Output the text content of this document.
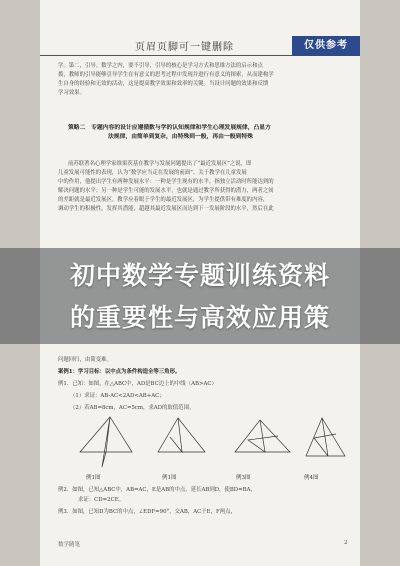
页眉页脚可一键删除	仅供参考
学。第二，引导。数学之内，要不引导，引导的核心是学习方式和思维方法的启示和点
拨，教师的引导能够引导学生在有意义的思考过程中发现并进行有意义的探索，从而建构学
生自身的经验和无效的活动，这是提高教学效果和效率的关键。当设计问题的效果和反馈
学习效果。
策略二　专题内容的设计应遵循数与学的认知规律和学生心理发展规律，凸显方
法规律，由简单到复杂，由特殊到一般，再由一般到特殊
前苏联著名心理学家维果茨基在教学与发展问题提出了“最近发展区”之说，即
儿童发展可能性的表现，认为“数学应当走在发展的前面”。关于教学在儿童发展
中的作用，他提出学生有两种发展水平：一种是学生现有的水平，指独立活动时所能达到的
解决问题的水平；另一种是学生可能的发展水平，也就是通过教学所获得的潜力，两者之间
的差距就是最近发展区。教学应着眼于学生的最近发展区，为学生提供带有难度的内容，
调动学生的积极性，发挥其潜能，超越其最近发展区而达到下一发展阶段的水平，然后在此
初中数学专题训练资料
的重要性与高效应用策
问题回归，由简变难。
案例1：学习目标：以中点为条件构造全等三角形。
例1．已知：如图，在△ABC中，AD是BC边上的中线（AB>AC）
（1）求证：AB-AC<2AD<AB+AC；
（2）若AB=8cm，AC=5cm，求AD的取值范围。
例1图	例1图	例3图	例4图
例2．如图，已知△ABC中，AB=AC，E是AB的中点，延长AB到D，使BD=BA，
求证：CD=2CE。
例3．如图，已知D为BC的中点，∠EDF=90°，交AB，AC于E，F两点，
数学随笔	2
